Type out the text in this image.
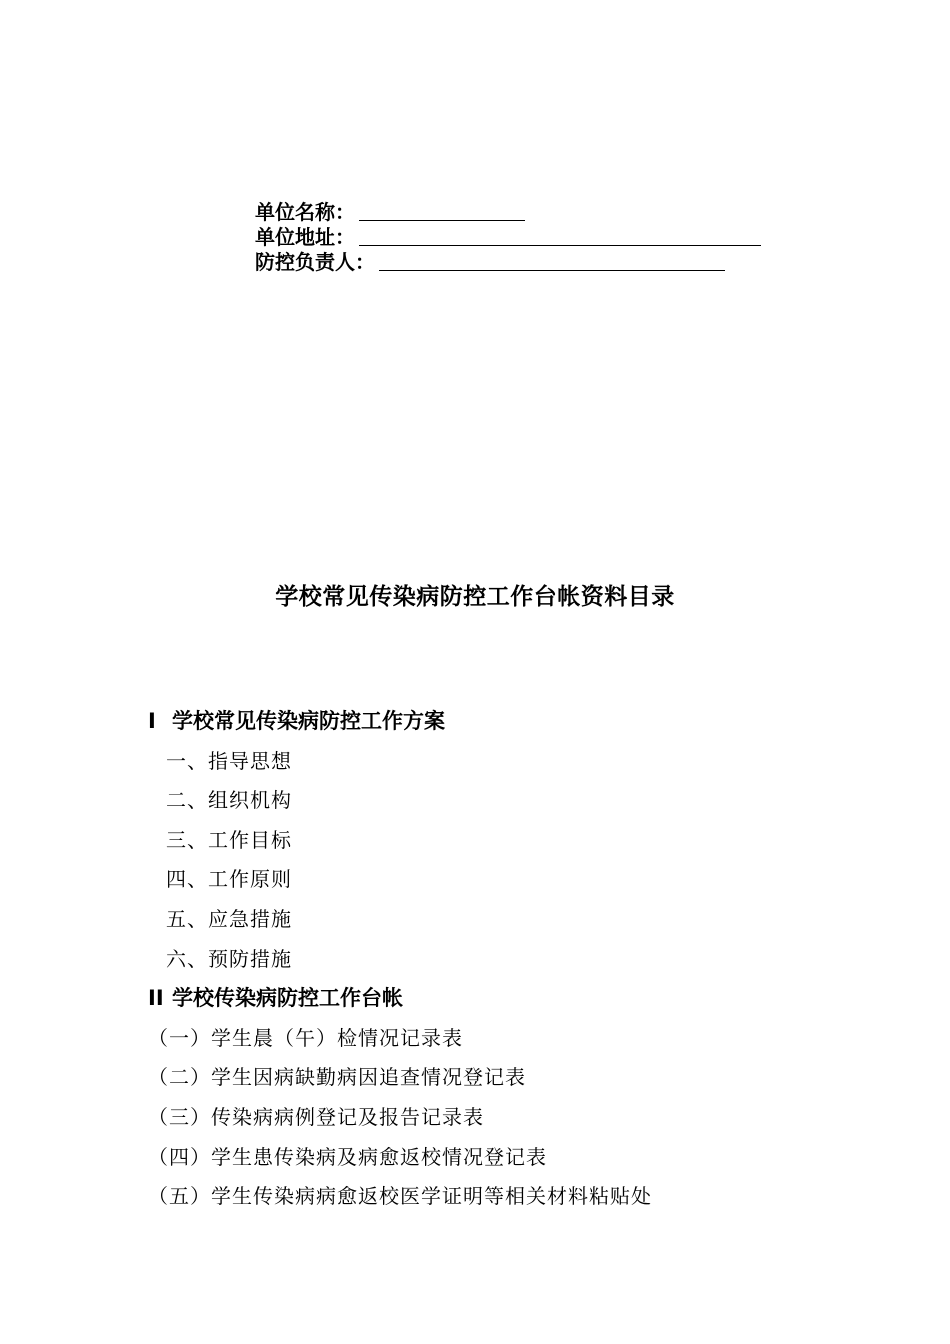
单位名称：
单位地址：
防控负责人：
学校常见传染病防控工作台帐资料目录
I 学校常见传染病防控工作方案
一、指导思想
二、组织机构
三、工作目标
四、工作原则
五、应急措施
六、预防措施
II 学校传染病防控工作台帐
（一）学生晨（午）检情况记录表
（二）学生因病缺勤病因追查情况登记表
（三）传染病病例登记及报告记录表
（四）学生患传染病及病愈返校情况登记表
（五）学生传染病病愈返校医学证明等相关材料粘贴处
